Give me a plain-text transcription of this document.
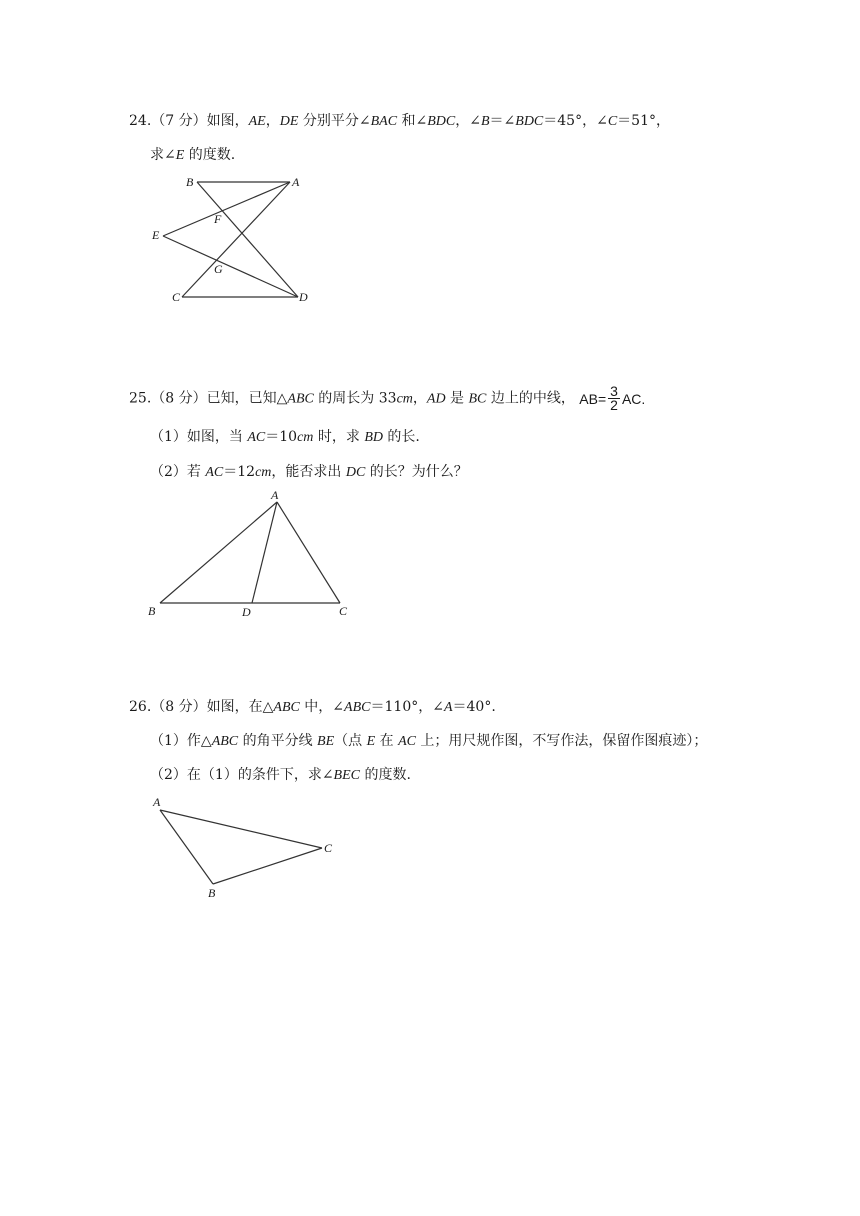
24.（7 分）如图，AE，DE 分别平分∠BAC 和∠BDC，∠B＝∠BDC＝45°，∠C＝51°，
求∠E 的度数.
B	A
F
E
G
C	D
25.（8 分）已知，已知△ABC 的周长为 33cm，AD 是 BC 边上的中线， $AB= \frac{3}{2}$ AC.
（1）如图，当 AC＝10cm 时，求 BD 的长.
（2）若 AC＝12cm，能否求出 DC 的长？为什么？
A
B	D	C
26.（8 分）如图，在△ABC 中，∠ABC＝110°，∠A＝40°.
（1）作△ABC 的角平分线 BE（点 E 在 AC 上；用尺规作图，不写作法，保留作图痕迹）；
（2）在（1）的条件下，求∠BEC 的度数.
A
C
B
